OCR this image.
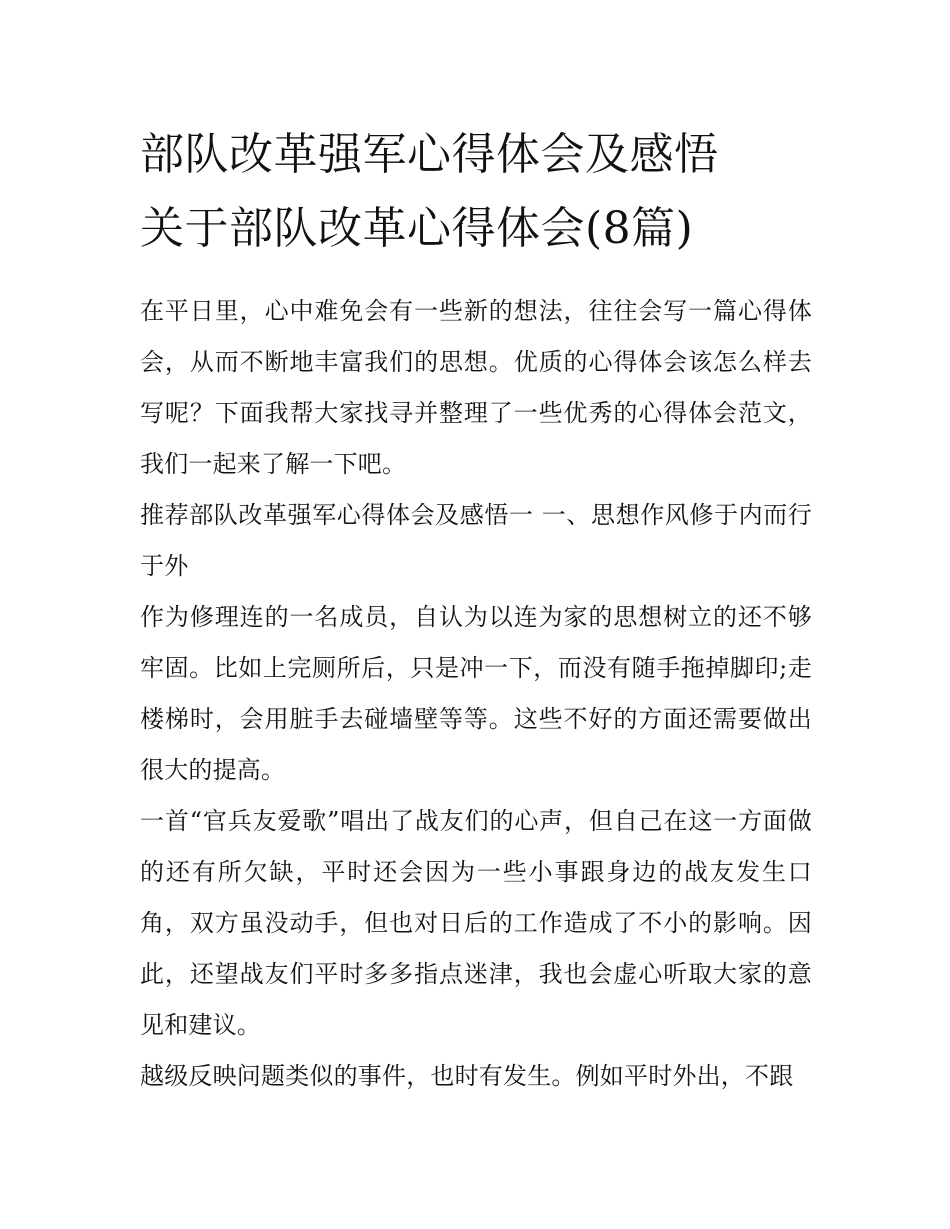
部队改革强军心得体会及感悟
关于部队改革心得体会(8篇)

在平日里，心中难免会有一些新的想法，往往会写一篇心得体会，从而不断地丰富我们的思想。优质的心得体会该怎么样去写呢？下面我帮大家找寻并整理了一些优秀的心得体会范文，我们一起来了解一下吧。

推荐部队改革强军心得体会及感悟一 一、思想作风修于内而行于外

作为修理连的一名成员，自认为以连为家的思想树立的还不够牢固。比如上完厕所后，只是冲一下，而没有随手拖掉脚印;走楼梯时，会用脏手去碰墙壁等等。这些不好的方面还需要做出很大的提高。

一首“官兵友爱歌”唱出了战友们的心声，但自己在这一方面做的还有所欠缺，平时还会因为一些小事跟身边的战友发生口角，双方虽没动手，但也对日后的工作造成了不小的影响。因此，还望战友们平时多多指点迷津，我也会虚心听取大家的意见和建议。

越级反映问题类似的事件，也时有发生。例如平时外出，不跟
